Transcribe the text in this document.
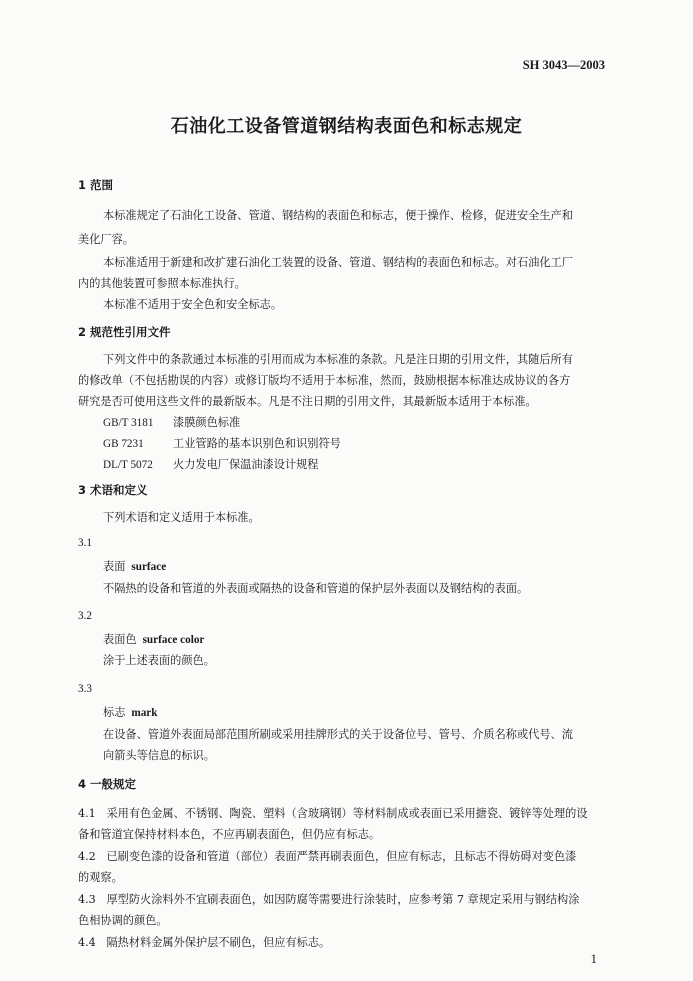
SH 3043—2003
石油化工设备管道钢结构表面色和标志规定
1 范围
本标准规定了石油化工设备、管道、钢结构的表面色和标志，便于操作、检修，促进安全生产和
美化厂容。
本标准适用于新建和改扩建石油化工装置的设备、管道、钢结构的表面色和标志。对石油化工厂
内的其他装置可参照本标准执行。
本标准不适用于安全色和安全标志。
2 规范性引用文件
下列文件中的条款通过本标准的引用而成为本标准的条款。凡是注日期的引用文件，其随后所有
的修改单（不包括勘误的内容）或修订版均不适用于本标准，然而，鼓励根据本标准达成协议的各方
研究是否可使用这些文件的最新版本。凡是不注日期的引用文件，其最新版本适用于本标准。
GB/T 3181 漆膜颜色标准
GB 7231	工业管路的基本识别色和识别符号
DL/T 5072 火力发电厂保温油漆设计规程
3 术语和定义
下列术语和定义适用于本标准。
3.1
表面 surface
不隔热的设备和管道的外表面或隔热的设备和管道的保护层外表面以及钢结构的表面。
3.2
表面色 surface color
涂于上述表面的颜色。
3.3
标志 mark
在设备、管道外表面局部范围所刷或采用挂牌形式的关于设备位号、管号、介质名称或代号、流
向箭头等信息的标识。
4 一般规定
4.1 采用有色金属、不锈钢、陶瓷、塑料（含玻璃钢）等材料制成或表面已采用搪瓷、镀锌等处理的设
备和管道宜保持材料本色，不应再刷表面色，但仍应有标志。
4.2 已刷变色漆的设备和管道（部位）表面严禁再刷表面色，但应有标志，且标志不得妨碍对变色漆
的观察。
4.3 厚型防火涂料外不宜刷表面色，如因防腐等需要进行涂装时，应参考第 7 章规定采用与钢结构涂
色相协调的颜色。
4.4 隔热材料金属外保护层不刷色，但应有标志。
1
